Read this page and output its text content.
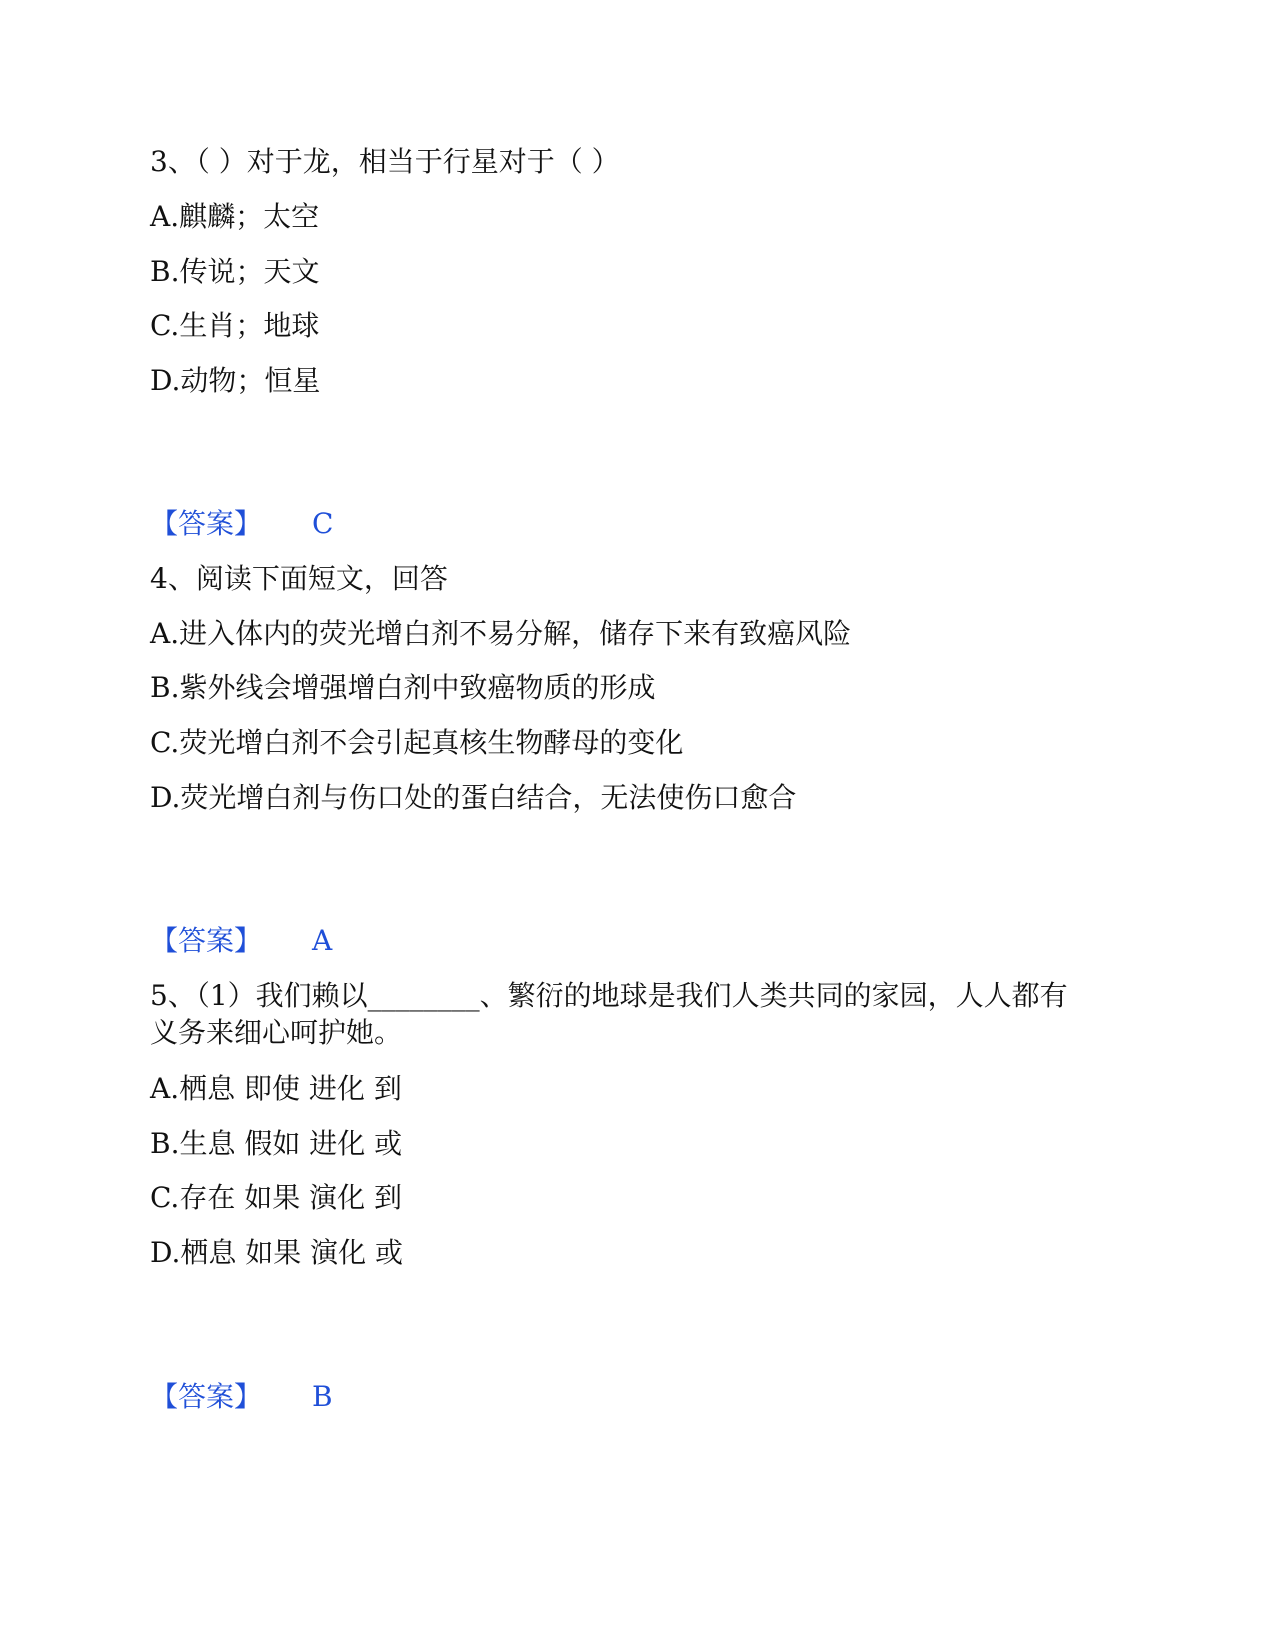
3、（ ）对于龙，相当于行星对于（ ）
A.麒麟；太空
B.传说；天文
C.生肖；地球
D.动物；恒星
【答案】 C
4、阅读下面短文，回答
A.进入体内的荧光增白剂不易分解，储存下来有致癌风险
B.紫外线会增强增白剂中致癌物质的形成
C.荧光增白剂不会引起真核生物酵母的变化
D.荧光增白剂与伤口处的蛋白结合，无法使伤口愈合
【答案】 A
5、（1）我们赖以________、繁衍的地球是我们人类共同的家园，人人都有
义务来细心呵护她。
A.栖息 即使 进化 到
B.生息 假如 进化 或
C.存在 如果 演化 到
D.栖息 如果 演化 或
【答案】 B
